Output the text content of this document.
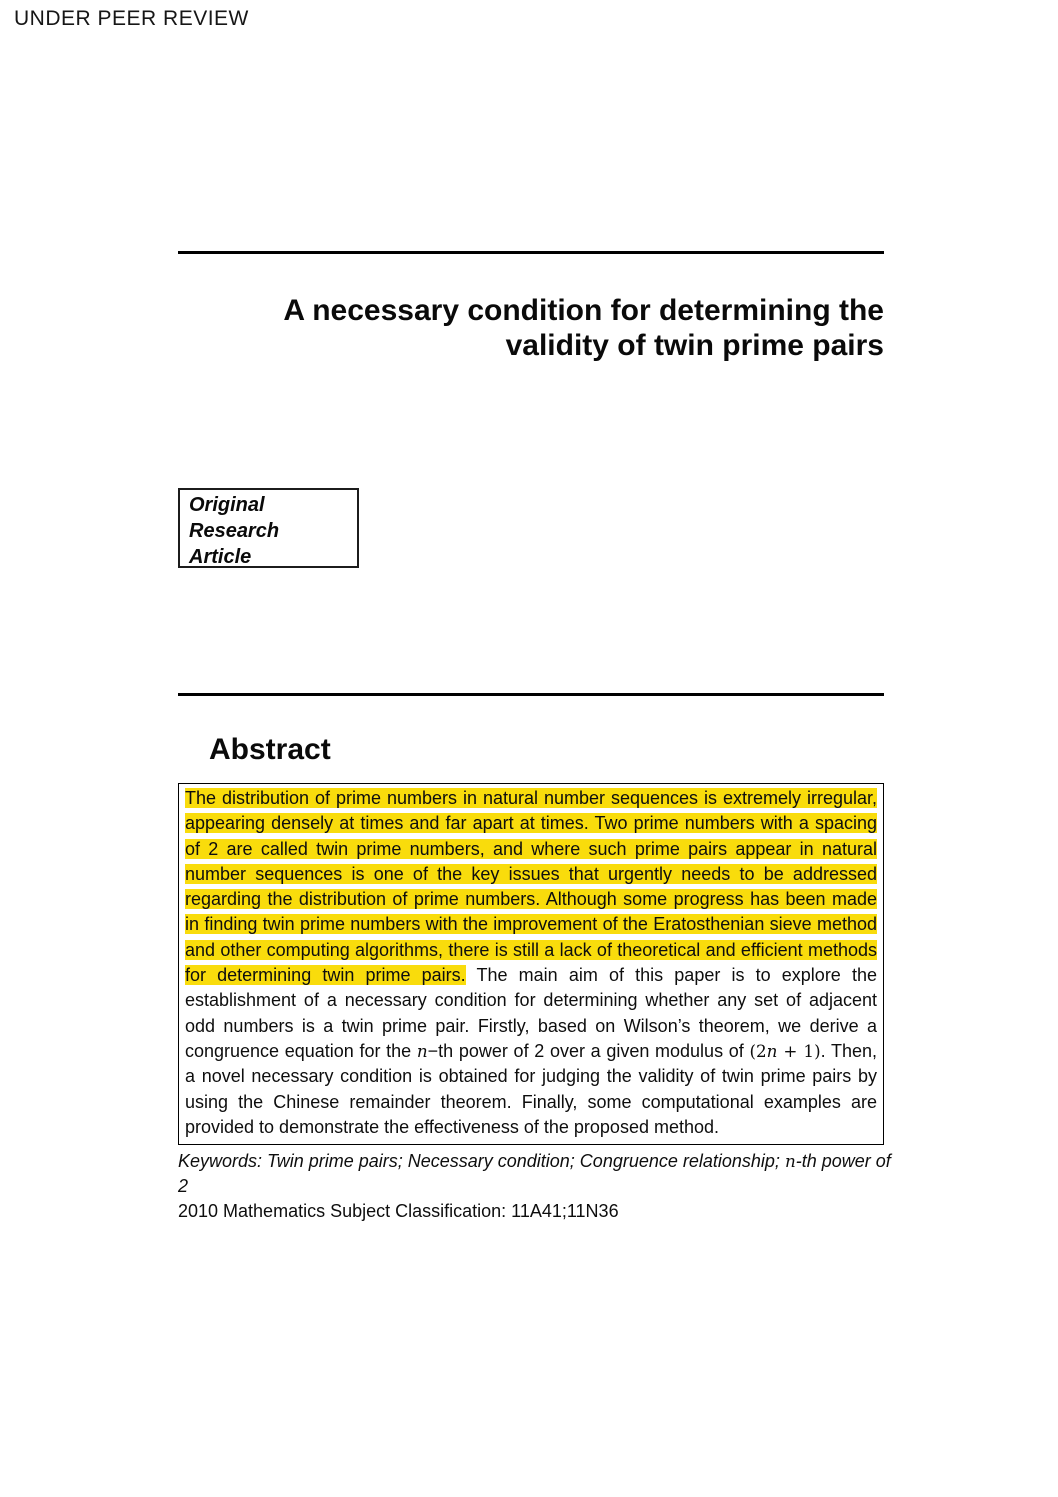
UNDER PEER REVIEW
A necessary condition for determining the
validity of twin prime pairs
Original
Research
Article
Abstract

The distribution of prime numbers in natural number sequences is extremely irregular, appearing densely at times and far apart at times. Two prime numbers with a spacing of 2 are called twin prime numbers, and where such prime pairs appear in natural number sequences is one of the key issues that urgently needs to be addressed regarding the distribution of prime numbers. Although some progress has been made in finding twin prime numbers with the improvement of the Eratosthenian sieve method and other computing algorithms, there is still a lack of theoretical and efficient methods for determining twin prime pairs. The main aim of this paper is to explore the establishment of a necessary condition for determining whether any set of adjacent odd numbers is a twin prime pair. Firstly, based on Wilson’s theorem, we derive a congruence equation for the n−th power of 2 over a given modulus of (2n + 1). Then, a novel necessary condition is obtained for judging the validity of twin prime pairs by using the Chinese remainder theorem. Finally, some computational examples are provided to demonstrate the effectiveness of the proposed method.

Keywords: Twin prime pairs; Necessary condition; Congruence relationship; n-th power of
2
2010 Mathematics Subject Classification: 11A41;11N36
